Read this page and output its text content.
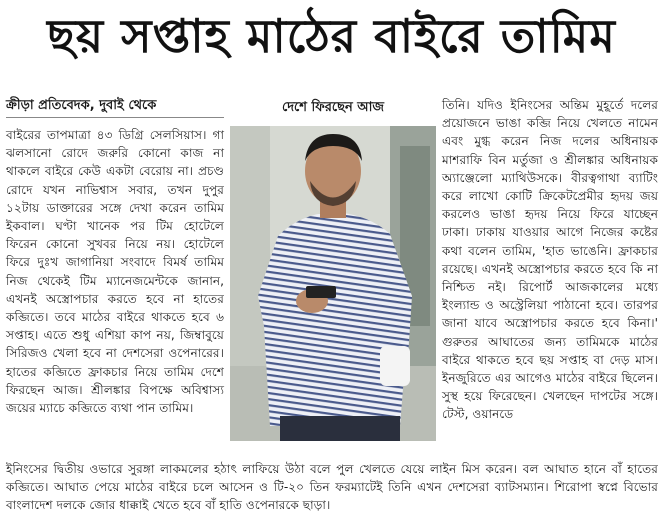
ছয় সপ্তাহ মাঠের বাইরে তামিম
ক্রীড়া প্রতিবেদক, দুবাই থেকে	দেশে ফিরছেন আজ

বাইরের তাপমাত্রা ৪৩ ডিগ্রি সেলসিয়াস। গা ঝলসানো রোদে জরুরি কোনো কাজ না থাকলে বাইরে কেউ একটা বেরোয় না। প্রচণ্ড রোদে যখন নাভিশ্বাস সবার, তখন দুপুর ১২টায় ডাক্তারের সঙ্গে দেখা করেন তামিম ইকবাল। ঘণ্টা খানেক পর টিম হোটেলে ফিরেন কোনো সুখবর নিয়ে নয়। হোটেলে ফিরে দুঃখ জাগানিয়া সংবাদে বিমর্ষ তামিম নিজ থেকেই টিম ম্যানেজমেন্টকে জানান, এখনই অস্ত্রোপচার করতে হবে না হাতের কব্জিতে। তবে মাঠের বাইরে থাকতে হবে ৬ সপ্তাহ। এতে শুধু এশিয়া কাপ নয়, জিম্বাবুয়ে সিরিজও খেলা হবে না দেশসেরা ওপেনারের। হাতের কব্জিতে ফ্রাকচার নিয়ে তামিম দেশে ফিরছেন আজ। শ্রীলঙ্কার বিপক্ষে অবিশ্বাস্য জয়ের ম্যাচে কব্জিতে ব্যথা পান তামিম।

তিনি। যদিও ইনিংসের অন্তিম মুহূর্তে দলের প্রয়োজনে ভাঙা কব্জি নিয়ে খেলতে নামেন এবং মুগ্ধ করেন নিজ দলের অধিনায়ক মাশরাফি বিন মর্তুজা ও শ্রীলঙ্কার অধিনায়ক অ্যাঞ্জেলো ম্যাথিউসকে। বীরত্বগাথা ব্যাটিং করে লাখো কোটি ক্রিকেটপ্রেমীর হৃদয় জয় করলেও ভাঙা হৃদয় নিয়ে ফিরে যাচ্ছেন ঢাকা। ঢাকায় যাওয়ার আগে নিজের কষ্টের কথা বলেন তামিম, 'হাত ভাঙেনি। ফ্রাকচার রয়েছে। এখনই অস্ত্রোপচার করতে হবে কি না নিশ্চিত নই। রিপোর্ট আজকালের মধ্যে ইংল্যান্ড ও অস্ট্রেলিয়া পাঠানো হবে। তারপর জানা যাবে অস্ত্রোপচার করতে হবে কিনা।' গুরুতর আঘাতের জন্য তামিমকে মাঠের বাইরে থাকতে হবে ছয় সপ্তাহ বা দেড় মাস। ইনজুরিতে এর আগেও মাঠের বাইরে ছিলেন। সুস্থ হয়ে ফিরেছেন। খেলছেন দাপটের সঙ্গে। টেস্ট, ওয়ানডে

ইনিংসের দ্বিতীয় ওভারে সুরঙ্গা লাকমলের হঠাৎ লাফিয়ে উঠা বলে পুল খেলতে যেয়ে লাইন মিস করেন। বল আঘাত হানে বাঁ হাতের কব্জিতে। আঘাত পেয়ে মাঠের বাইরে চলে আসেন ও টি-২০ তিন ফরম্যাটেই তিনি এখন দেশসেরা ব্যাটসম্যান। শিরোপা স্বপ্নে বিভোর বাংলাদেশ দলকে জোর ধাক্কাই খেতে হবে বাঁ হাতি ওপেনারকে ছাড়া।
